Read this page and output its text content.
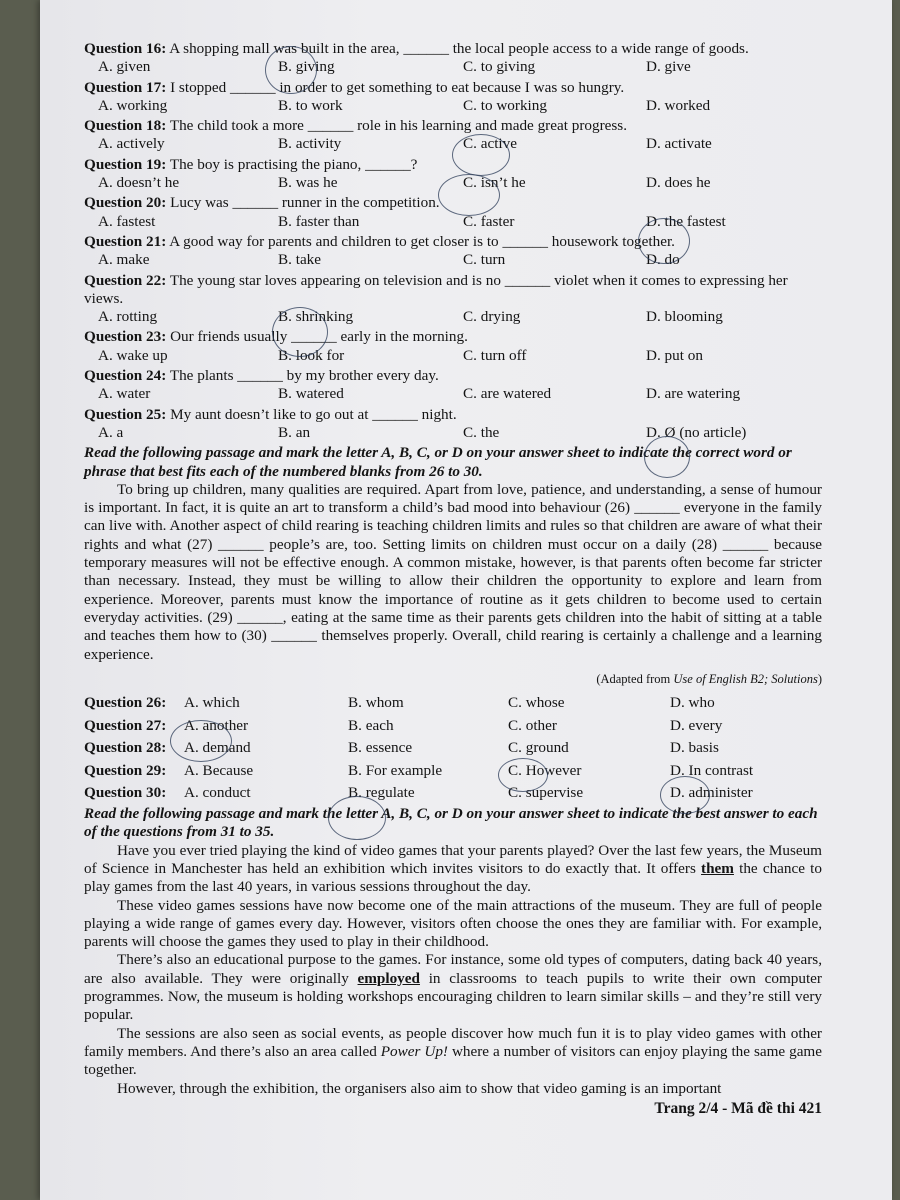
Question 16: A shopping mall was built in the area, ______ the local people access to a wide range of goods.

A. given	B. giving	C. to giving	D. give

Question 17: I stopped ______ in order to get something to eat because I was so hungry.

A. working	B. to work	C. to working	D. worked

Question 18: The child took a more ______ role in his learning and made great progress.

A. actively	B. activity	C. active	D. activate

Question 19: The boy is practising the piano, ______?

A. doesn’t he	B. was he	C. isn’t he	D. does he

Question 20: Lucy was ______ runner in the competition.

A. fastest	B. faster than	C. faster	D. the fastest

Question 21: A good way for parents and children to get closer is to ______ housework together.

A. make	B. take	C. turn	D. do

Question 22: The young star loves appearing on television and is no ______ violet when it comes to expressing her views.

A. rotting	B. shrinking	C. drying	D. blooming

Question 23: Our friends usually ______ early in the morning.

A. wake up	B. look for	C. turn off	D. put on

Question 24: The plants ______ by my brother every day.

A. water	B. watered	C. are watered	D. are watering

Question 25: My aunt doesn’t like to go out at ______ night.

A. a	B. an	C. the	D. Ø (no article)

Read the following passage and mark the letter A, B, C, or D on your answer sheet to indicate the correct word or phrase that best fits each of the numbered blanks from 26 to 30.

To bring up children, many qualities are required. Apart from love, patience, and understanding, a sense of humour is important. In fact, it is quite an art to transform a child’s bad mood into behaviour (26) ______ everyone in the family can live with. Another aspect of child rearing is teaching children limits and rules so that children are aware of what their rights and what (27) ______ people’s are, too. Setting limits on children must occur on a daily (28) ______ because temporary measures will not be effective enough. A common mistake, however, is that parents often become far stricter than necessary. Instead, they must be willing to allow their children the opportunity to explore and learn from experience. Moreover, parents must know the importance of routine as it gets children to become used to certain everyday activities. (29) ______, eating at the same time as their parents gets children into the habit of sitting at a table and teaches them how to (30) ______ themselves properly. Overall, child rearing is certainly a challenge and a learning experience.

(Adapted from Use of English B2; Solutions)

Question 26:	A. which	B. whom	C. whose	D. who
Question 27:	A. another	B. each	C. other	D. every
Question 28:	A. demand	B. essence	C. ground	D. basis
Question 29:	A. Because	B. For example	C. However	D. In contrast
Question 30:	A. conduct	B. regulate	C. supervise	D. administer

Read the following passage and mark the letter A, B, C, or D on your answer sheet to indicate the best answer to each of the questions from 31 to 35.

Have you ever tried playing the kind of video games that your parents played? Over the last few years, the Museum of Science in Manchester has held an exhibition which invites visitors to do exactly that. It offers them the chance to play games from the last 40 years, in various sessions throughout the day.

These video games sessions have now become one of the main attractions of the museum. They are full of people playing a wide range of games every day. However, visitors often choose the ones they are familiar with. For example, parents will choose the games they used to play in their childhood.

There’s also an educational purpose to the games. For instance, some old types of computers, dating back 40 years, are also available. They were originally employed in classrooms to teach pupils to write their own computer programmes. Now, the museum is holding workshops encouraging children to learn similar skills – and they’re still very popular.

The sessions are also seen as social events, as people discover how much fun it is to play video games with other family members. And there’s also an area called Power Up! where a number of visitors can enjoy playing the same game together.

However, through the exhibition, the organisers also aim to show that video gaming is an important

Trang 2/4 - Mã đề thi 421
